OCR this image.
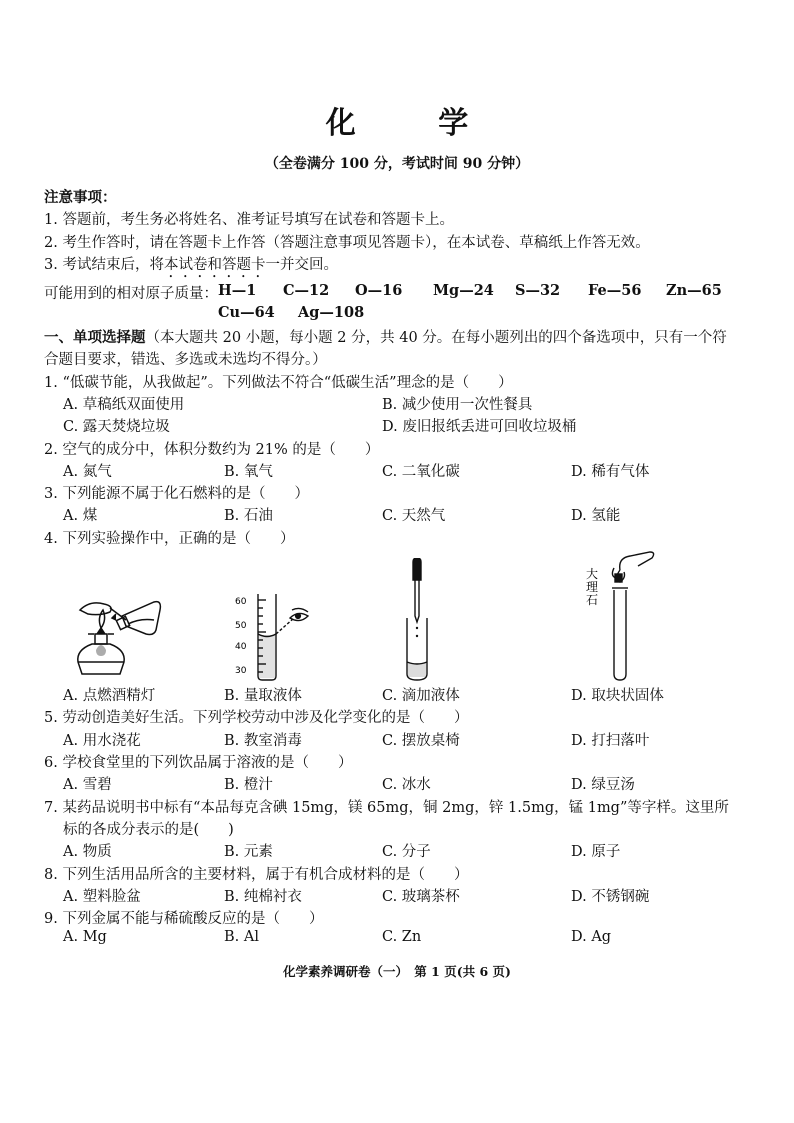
化 学
（全卷满分 100 分，考试时间 90 分钟）
注意事项：
1. 答题前，考生务必将姓名、准考证号填写在试卷和答题卡上。
2. 考生作答时，请在答题卡上作答（答题注意事项见答题卡），在本试卷、草稿纸上作答无效。
3. 考试结束后，将本试卷和答题卡一并交回。
可能用到的相对原子质量： H—1 C—12 O—16 Mg—24 S—32 Fe—56 Zn—65
Cu—64 Ag—108
一、单项选择题（本大题共 20 小题，每小题 2 分，共 40 分。在每小题列出的四个备选项中，只有一个符
合题目要求，错选、多选或未选均不得分。）
1. “低碳节能，从我做起”。下列做法不符合“低碳生活”理念的是（　　）
A. 草稿纸双面使用	B. 减少使用一次性餐具
C. 露天焚烧垃圾	D. 废旧报纸丢进可回收垃圾桶
2. 空气的成分中，体积分数约为 21% 的是（　　）
A. 氮气	B. 氧气	C. 二氧化碳	D. 稀有气体
3. 下列能源不属于化石燃料的是（　　）
A. 煤	B. 石油	C. 天然气	D. 氢能
4. 下列实验操作中，正确的是（　　）
60
50
40
30
大
理
石
A. 点燃酒精灯	B. 量取液体	C. 滴加液体	D. 取块状固体
5. 劳动创造美好生活。下列学校劳动中涉及化学变化的是（　　）
A. 用水浇花	B. 教室消毒	C. 摆放桌椅	D. 打扫落叶
6. 学校食堂里的下列饮品属于溶液的是（　　）
A. 雪碧	B. 橙汁	C. 冰水	D. 绿豆汤
7. 某药品说明书中标有“本品每克含碘 15mg，镁 65mg，铜 2mg，锌 1.5mg，锰 1mg”等字样。这里所
标的各成分表示的是(　　)
A. 物质	B. 元素	C. 分子	D. 原子
8. 下列生活用品所含的主要材料，属于有机合成材料的是（　　）
A. 塑料脸盆	B. 纯棉衬衣	C. 玻璃茶杯	D. 不锈钢碗
9. 下列金属不能与稀硫酸反应的是（　　）
A. Mg	B. Al	C. Zn	D. Ag
化学素养调研卷（一）　第 1 页(共 6 页)
